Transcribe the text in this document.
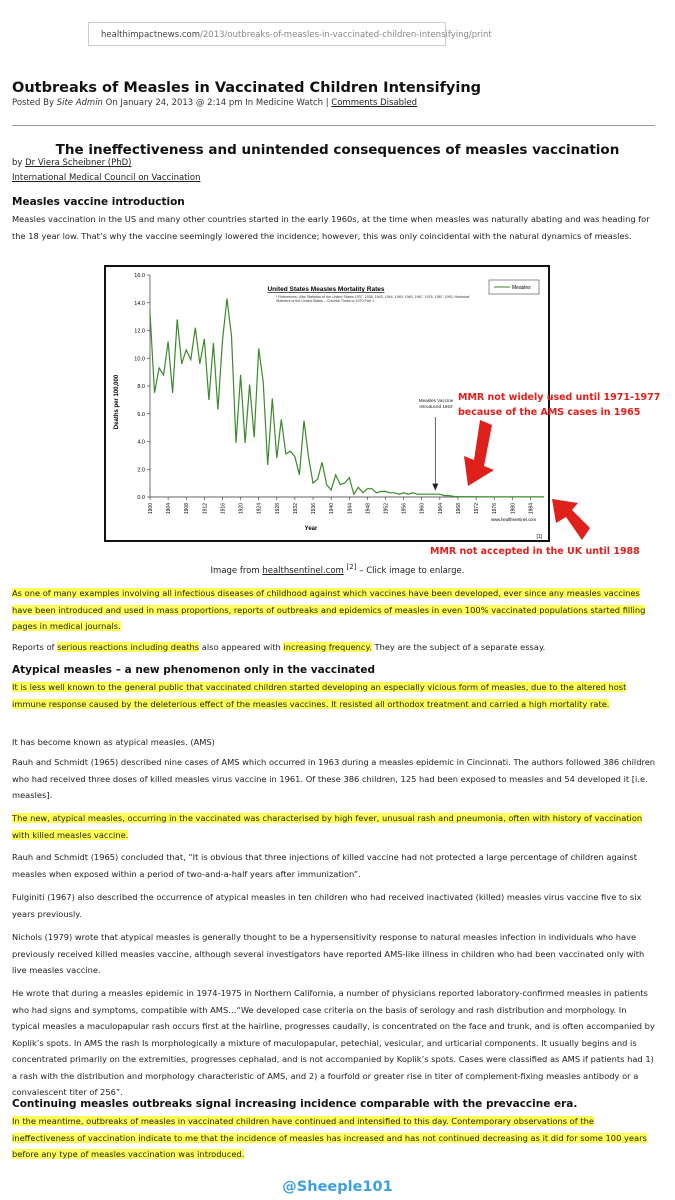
healthimpactnews.com/2013/outbreaks-of-measles-in-vaccinated-children-intensifying/print
Outbreaks of Measles in Vaccinated Children Intensifying
Posted By Site Admin On January 24, 2013 @ 2:14 pm In Medicine Watch | Comments Disabled
The ineffectiveness and unintended consequences of measles vaccination
by Dr Viera Scheibner (PhD)
International Medical Council on Vaccination
Measles vaccine introduction
Measles vaccination in the US and many other countries started in the early 1960s, at the time when measles was naturally abating and was heading for the 18 year low. That’s why the vaccine seemingly lowered the incidence; however, this was only coincidental with the natural dynamics of measles.
0.0
2.0
4.0
6.0
8.0
10.0
12.0
14.0
16.0
1900 1904 1908 1912 1916 1920 1924 1928 1932 1936 1940 1944 1948 1952 1956 1960 1964 1968 1972 1976 1980 1984
United States Measles Mortality Rates
* References: Vital Statistics of the United States 1937, 1938, 1943, 1944, 1949, 1960, 1967, 1976, 1987, 1992; Historical Statistics of the United States – Colonial Times to 1970 Part 1
Measles
Measles Vaccine Introduced 1963
Year
Deaths per 100,000
www.healthsentinel.com
[1]
MMR not widely used until 1971-1977
because of the AMS cases in 1965
MMR not accepted in the UK until 1988
Image from healthsentinel.com [2] – Click image to enlarge.
As one of many examples involving all infectious diseases of childhood against which vaccines have been developed, ever since any measles vaccines have been introduced and used in mass proportions, reports of outbreaks and epidemics of measles in even 100% vaccinated populations started filling pages in medical journals.
Reports of serious reactions including deaths also appeared with increasing frequency. They are the subject of a separate essay.
Atypical measles – a new phenomenon only in the vaccinated
It is less well known to the general public that vaccinated children started developing an especially vicious form of measles, due to the altered host immune response caused by the deleterious effect of the measles vaccines. It resisted all orthodox treatment and carried a high mortality rate.
It has become known as atypical measles. (AMS)
Rauh and Schmidt (1965) described nine cases of AMS which occurred in 1963 during a measles epidemic in Cincinnati. The authors followed 386 children who had received three doses of killed measles virus vaccine in 1961. Of these 386 children, 125 had been exposed to measles and 54 developed it [i.e. measles].
The new, atypical measles, occurring in the vaccinated was characterised by high fever, unusual rash and pneumonia, often with history of vaccination with killed measles vaccine.
Rauh and Schmidt (1965) concluded that, “It is obvious that three injections of killed vaccine had not protected a large percentage of children against measles when exposed within a period of two-and-a-half years after immunization”.
Fulginiti (1967) also described the occurrence of atypical measles in ten children who had received inactivated (killed) measles virus vaccine five to six years previously.
Nichols (1979) wrote that atypical measles is generally thought to be a hypersensitivity response to natural measles infection in individuals who have previously received killed measles vaccine, although several investigators have reported AMS-like illness in children who had been vaccinated only with live measles vaccine.
He wrote that during a measles epidemic in 1974-1975 in Northern California, a number of physicians reported laboratory-confirmed measles in patients who had signs and symptoms, compatible with AMS…“We developed case criteria on the basis of serology and rash distribution and morphology. In typical measles a maculopapular rash occurs first at the hairline, progresses caudally, is concentrated on the face and trunk, and is often accompanied by Koplik’s spots. In AMS the rash Is morphologically a mixture of maculopapular, petechial, vesicular, and urticarial components. It usually begins and is concentrated primarily on the extremities, progresses cephalad, and is not accompanied by Koplik’s spots. Cases were classified as AMS if patients had 1) a rash with the distribution and morphology characteristic of AMS, and 2) a fourfold or greater rise in titer of complement-fixing measles antibody or a convalescent titer of 256”.
Continuing measles outbreaks signal increasing incidence comparable with the prevaccine era.
In the meantime, outbreaks of measles in vaccinated children have continued and intensified to this day. Contemporary observations of the ineffectiveness of vaccination indicate to me that the incidence of measles has increased and has not continued decreasing as it did for some 100 years before any type of measles vaccination was introduced.
@Sheeple101
